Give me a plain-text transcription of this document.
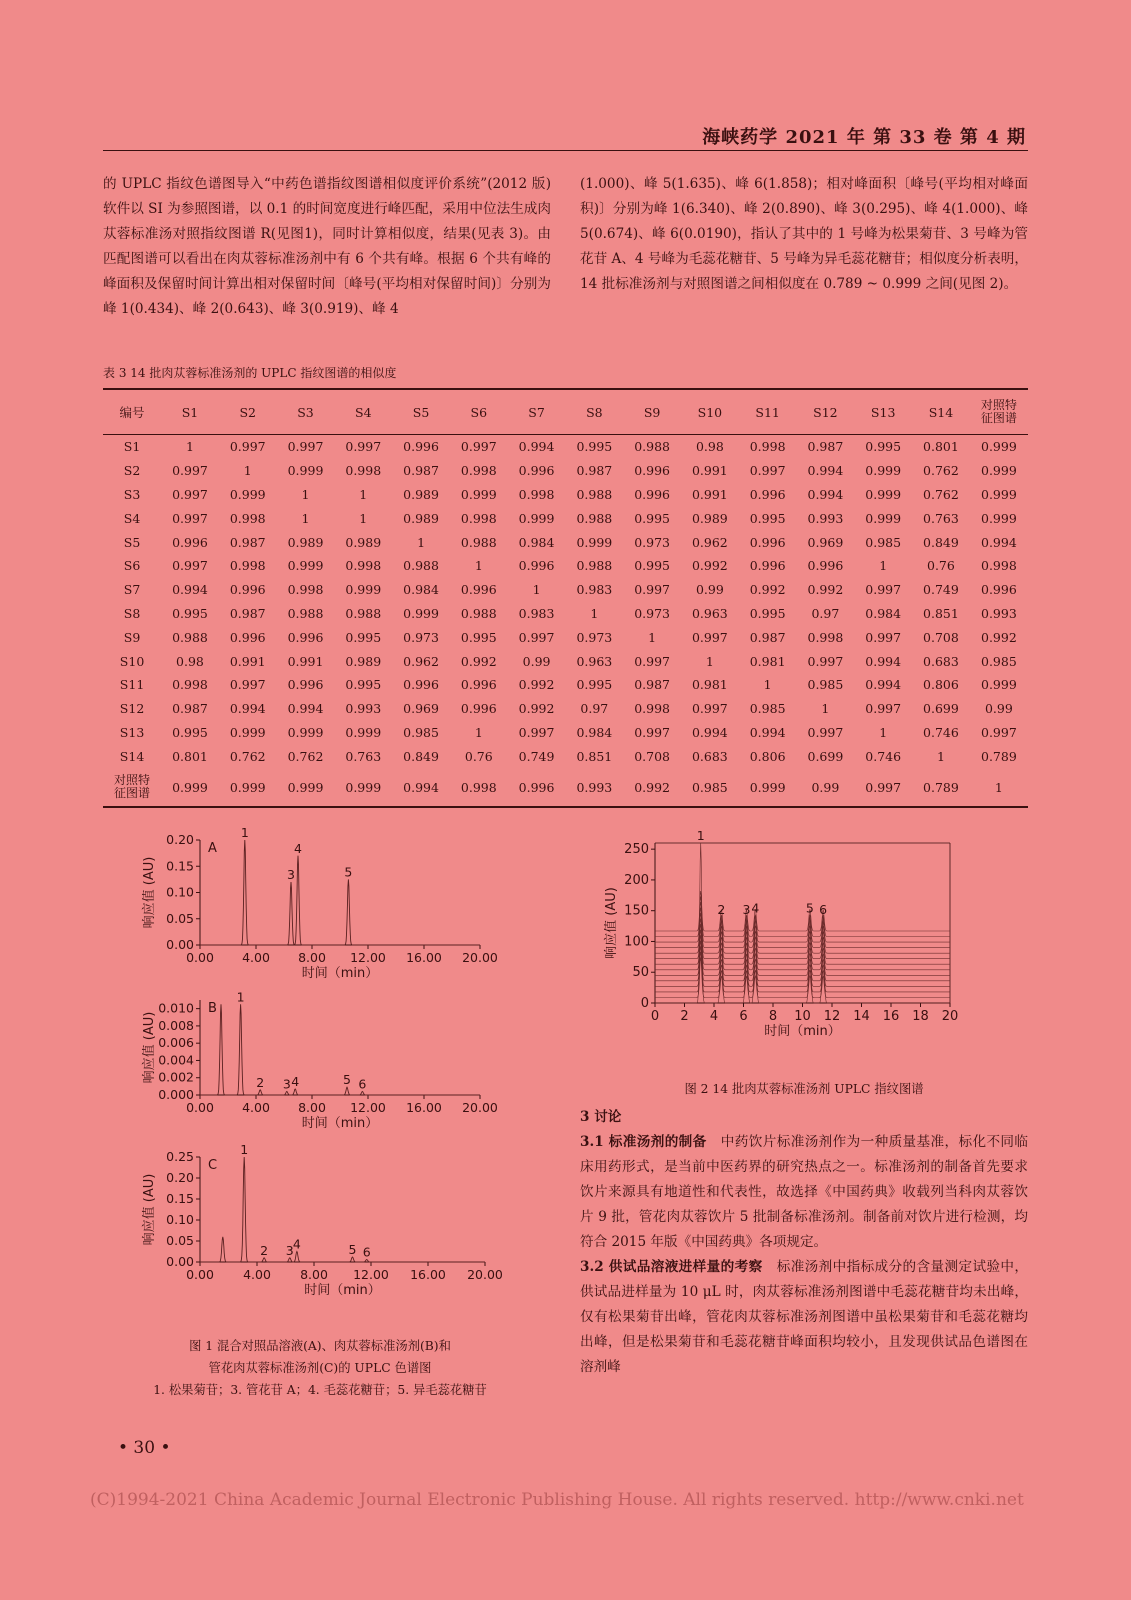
海峡药学 2021 年 第 33 卷 第 4 期

的 UPLC 指纹色谱图导入“中药色谱指纹图谱相似度评价系统”(2012 版) 软件以 SI 为参照图谱，以 0.1 的时间宽度进行峰匹配，采用中位法生成肉苁蓉标准汤对照指纹图谱 R(见图1)，同时计算相似度，结果(见表 3)。由匹配图谱可以看出在肉苁蓉标准汤剂中有 6 个共有峰。根据 6 个共有峰的峰面积及保留时间计算出相对保留时间〔峰号(平均相对保留时间)〕分别为峰 1(0.434)、峰 2(0.643)、峰 3(0.919)、峰 4

(1.000)、峰 5(1.635)、峰 6(1.858)；相对峰面积〔峰号(平均相对峰面积)〕分别为峰 1(6.340)、峰 2(0.890)、峰 3(0.295)、峰 4(1.000)、峰 5(0.674)、峰 6(0.0190)，指认了其中的 1 号峰为松果菊苷、3 号峰为管花苷 A、4 号峰为毛蕊花糖苷、5 号峰为异毛蕊花糖苷；相似度分析表明，14 批标准汤剂与对照图谱之间相似度在 0.789 ~ 0.999 之间(见图 2)。

表 3 14 批肉苁蓉标准汤剂的 UPLC 指纹图谱的相似度
编号	S1	S2	S3	S4	S5	S6	S7	S8	S9	S10	S11	S12	S13	S14	对照特征图谱
S1	1	0.997	0.997	0.997	0.996	0.997	0.994	0.995	0.988	0.98	0.998	0.987	0.995	0.801	0.999
S2	0.997	1	0.999	0.998	0.987	0.998	0.996	0.987	0.996	0.991	0.997	0.994	0.999	0.762	0.999
S3	0.997	0.999	1	1	0.989	0.999	0.998	0.988	0.996	0.991	0.996	0.994	0.999	0.762	0.999
S4	0.997	0.998	1	1	0.989	0.998	0.999	0.988	0.995	0.989	0.995	0.993	0.999	0.763	0.999
S5	0.996	0.987	0.989	0.989	1	0.988	0.984	0.999	0.973	0.962	0.996	0.969	0.985	0.849	0.994
S6	0.997	0.998	0.999	0.998	0.988	1	0.996	0.988	0.995	0.992	0.996	0.996	1	0.76	0.998
S7	0.994	0.996	0.998	0.999	0.984	0.996	1	0.983	0.997	0.99	0.992	0.992	0.997	0.749	0.996
S8	0.995	0.987	0.988	0.988	0.999	0.988	0.983	1	0.973	0.963	0.995	0.97	0.984	0.851	0.993
S9	0.988	0.996	0.996	0.995	0.973	0.995	0.997	0.973	1	0.997	0.987	0.998	0.997	0.708	0.992
S10	0.98	0.991	0.991	0.989	0.962	0.992	0.99	0.963	0.997	1	0.981	0.997	0.994	0.683	0.985
S11	0.998	0.997	0.996	0.995	0.996	0.996	0.992	0.995	0.987	0.981	1	0.985	0.994	0.806	0.999
S12	0.987	0.994	0.994	0.993	0.969	0.996	0.992	0.97	0.998	0.997	0.985	1	0.997	0.699	0.99
S13	0.995	0.999	0.999	0.999	0.985	1	0.997	0.984	0.997	0.994	0.994	0.997	1	0.746	0.997
S14	0.801	0.762	0.762	0.763	0.849	0.76	0.749	0.851	0.708	0.683	0.806	0.699	0.746	1	0.789
对照特征图谱	0.999	0.999	0.999	0.999	0.994	0.998	0.996	0.993	0.992	0.985	0.999	0.99	0.997	0.789	1
0.00 4.00 8.00 12.00 16.00 20.00
0.00
0.05
0.10
0.15
0.20
响应值 (AU)
时间（min）
A
1
3
4
5
0.00 4.00 8.00 12.00 16.00 20.00
0.000
0.002
0.004
0.006
0.008
0.010
响应值 (AU)
时间（min）
B
1
2 3 4	5 6
0.00 4.00 8.00 12.00 16.00 20.00
0.00
0.05
0.10
0.15
0.20
0.25
响应值 (AU)
时间（min）
C
1
2 3 4	5 6
图 1 混合对照品溶液(A)、肉苁蓉标准汤剂(B)和
管花肉苁蓉标准汤剂(C)的 UPLC 色谱图
1. 松果菊苷；3. 管花苷 A；4. 毛蕊花糖苷；5. 异毛蕊花糖苷
0 2 4 6 8 10 12 14 16 18 20
0
50
100
150
200
250
响应值 (AU)
时间（min）
1
2 3 4	5 6
图 2 14 批肉苁蓉标准汤剂 UPLC 指纹图谱
3 讨论
3.1 标准汤剂的制备 中药饮片标准汤剂作为一种质量基准，标化不同临床用药形式，是当前中医药界的研究热点之一。标准汤剂的制备首先要求饮片来源具有地道性和代表性，故选择《中国药典》收载列当科肉苁蓉饮片 9 批，管花肉苁蓉饮片 5 批制备标准汤剂。制备前对饮片进行检测，均符合 2015 年版《中国药典》各项规定。
3.2 供试品溶液进样量的考察 标准汤剂中指标成分的含量测定试验中，供试品进样量为 10 μL 时，肉苁蓉标准汤剂图谱中毛蕊花糖苷均未出峰，仅有松果菊苷出峰，管花肉苁蓉标准汤剂图谱中虽松果菊苷和毛蕊花糖均出峰，但是松果菊苷和毛蕊花糖苷峰面积均较小，且发现供试品色谱图在溶剂峰
• 30 •
(C)1994-2021 China Academic Journal Electronic Publishing House. All rights reserved. http://www.cnki.net
